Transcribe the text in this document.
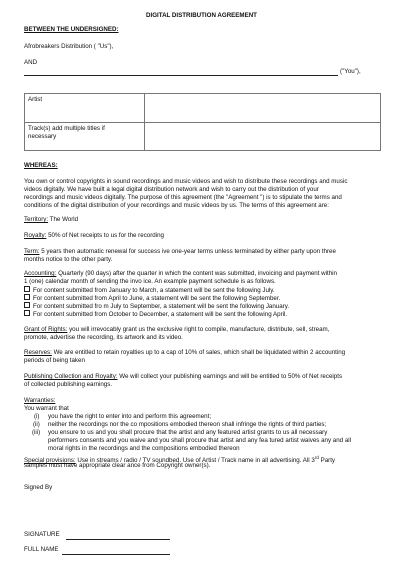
DIGITAL DISTRIBUTION AGREEMENT
BETWEEN THE UNDERSIGNED:
Afrobreakers Distribution ( "Us"),
AND
("You"),
Artist
Track(s) add multiple titles if
necessary
WHEREAS:
You own or control copyrights in sound recordings and music videos and wish to distribute these recordings and music
videos digitally. We have built a legal digital distribution network and wish to carry out the distribution of your
recordings and music videos digitally. The purpose of this agreement (the "Agreement ") is to stipulate the terms and
conditions of the digital distribution of your recordings and music videos by us. The terms of this agreement are:
Territory: The World
Royalty: 50% of Net receipts to us for the recording
Term: 5 years then automatic renewal for success ive one-year terms unless terminated by either party upon three
months notice to the other party.
Accounting: Quarterly (90 days) after the quarter in which the content was submitted, invoicing and payment within
1 (one) calendar month of sending the invo ice. An example payment schedule is as follows.
For content submitted from January to March, a statement will be sent the following July.
For content submitted from April to June, a statement will be sent the following September.
For content submitted fro m July to September, a statement will be sent the following January.
For content submitted from October to December, a statement will be sent the following April.
Grant of Rights: you will irrevocably grant us the exclusive right to compile, manufacture, distribute, sell, stream,
promote, advertise the recording, its artwork and its video.
Reserves: We are entitled to retain royalties up to a cap of 10% of sales, which shall be liquidated within 2 accounting
periods of being taken
Publishing Collection and Royalty: We will collect your publishing earnings and will be entitled to 50% of Net receipts
of collected publishing earnings.
Warranties:
You warrant that
(i) you have the right to enter into and perform this agreement;
(ii) neither the recordings nor the co mpositions embodied thereon shall infringe the rights of third parties;
(iii) you ensure to us and you shall procure that the artist and any featured artist grants to us all necessary
performers consents and you waive and you shall procure that artist and any fea tured artist waives any and all
moral rights in the recordings and the compositions embodied thereon
Special provisions: Use in streams / radio / TV soundbed. Use of Artist / Track name in all advertising. All 3rd Party
samples must have appropriate clear ance from Copyright owner(s).
Signed By
SIGNATURE
FULL NAME
